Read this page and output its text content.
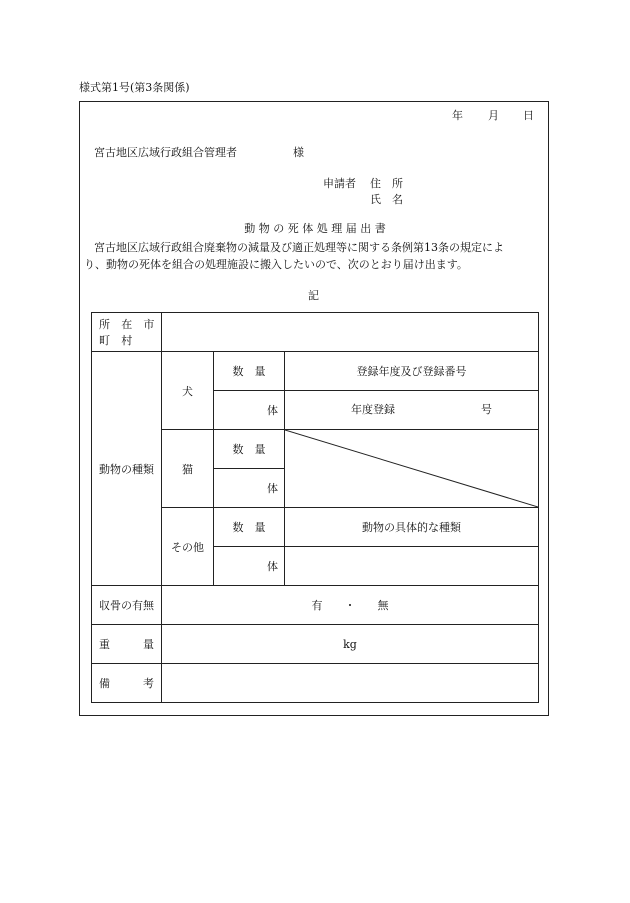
様式第1号(第3条関係)
年 月 日
宮古地区広域行政組合管理者	様
申請者 住　所
氏　名
動 物 の 死 体 処 理 届 出 書
宮古地区広域行政組合廃棄物の減量及び適正処理等に関する条例第13条の規定によ
り、動物の死体を組合の処理施設に搬入したいので、次のとおり届け出ます。
記
所 在 市 町 村			
動物の種類	犬	数　量	登録年度及び登録番号
		体	年度登録 号

	猫	数　量	

		体	
	その他	数　量	動物の具体的な種類
		体	
収骨の有無	有　　・　　無		
重　　　量	kg		
備　　　考			
